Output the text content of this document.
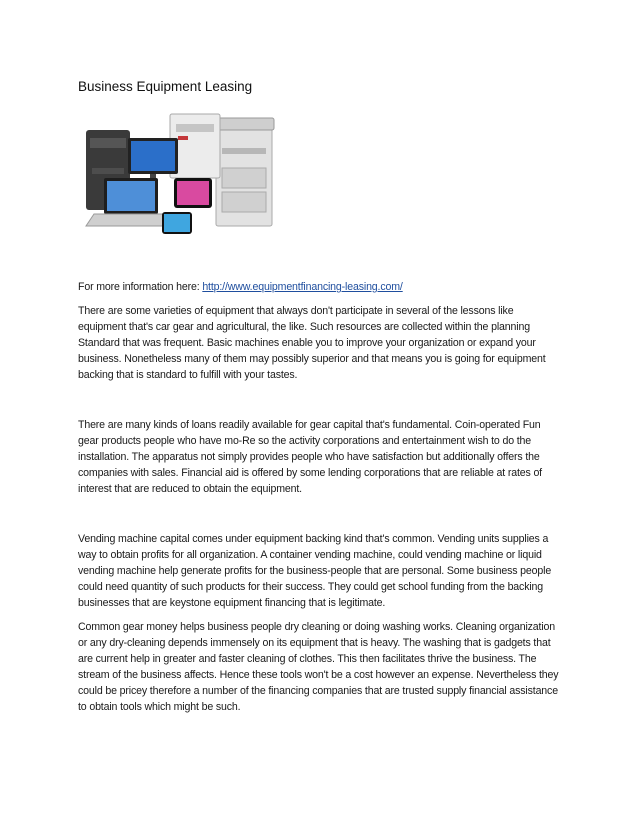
Business Equipment Leasing

For more information here: http://www.equipmentfinancing-leasing.com/

There are some varieties of equipment that always don't participate in several of the lessons like equipment that's car gear and agricultural, the like. Such resources are collected within the planning Standard that was frequent. Basic machines enable you to improve your organization or expand your business. Nonetheless many of them may possibly superior and that means you is going for equipment backing that is standard to fulfill with your tastes.

There are many kinds of loans readily available for gear capital that's fundamental. Coin-operated Fun gear products people who have mo-Re so the activity corporations and entertainment wish to do the installation. The apparatus not simply provides people who have satisfaction but additionally offers the companies with sales. Financial aid is offered by some lending corporations that are reliable at rates of interest that are reduced to obtain the equipment.

Vending machine capital comes under equipment backing kind that's common. Vending units supplies a way to obtain profits for all organization. A container vending machine, could vending machine or liquid vending machine help generate profits for the business-people that are personal. Some business people could need quantity of such products for their success. They could get school funding from the backing businesses that are keystone equipment financing that is legitimate.

Common gear money helps business people dry cleaning or doing washing works. Cleaning organization or any dry-cleaning depends immensely on its equipment that is heavy. The washing that is gadgets that are current help in greater and faster cleaning of clothes. This then facilitates thrive the business. The stream of the business affects. Hence these tools won't be a cost however an expense. Nevertheless they could be pricey therefore a number of the financing companies that are trusted supply financial assistance to obtain tools which might be such.
